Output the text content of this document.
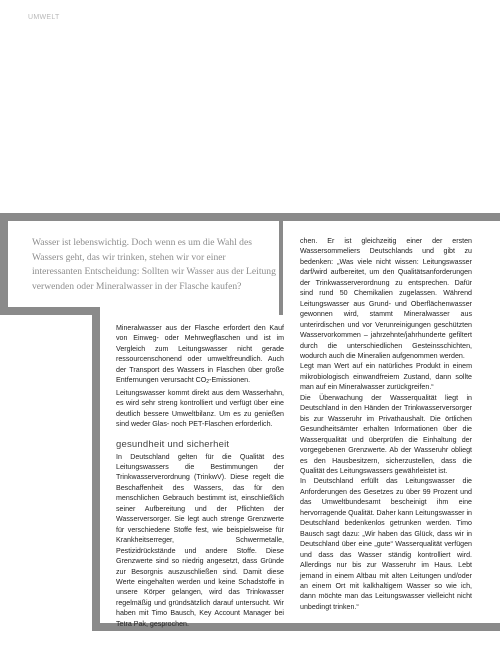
UMWELT

Wasser ist lebenswichtig. Doch wenn es um die Wahl des Wassers geht, das wir trinken, stehen wir vor einer interessanten Entscheidung: Sollten wir Wasser aus der Leitung verwenden oder Mineralwasser in der Flasche kaufen?

Mineralwasser aus der Flasche erfordert den Kauf von Einweg- oder Mehrwegflaschen und ist im Vergleich zum Leitungswasser nicht gerade ressourcenschonend oder umweltfreundlich. Auch der Transport des Wassers in Flaschen über große Entfernungen verursacht $CO_2$-Emissionen.

Leitungswasser kommt direkt aus dem Wasserhahn, es wird sehr streng kontrolliert und verfügt über eine deutlich bessere Umweltbilanz. Um es zu genießen sind weder Glas- noch PET-Flaschen erforderlich.

gesundheit und sicherheit

In Deutschland gelten für die Qualität des Leitungswassers die Bestimmungen der Trinkwasserverordnung (TrinkwV). Diese regelt die Beschaffenheit des Wassers, das für den menschlichen Gebrauch bestimmt ist, einschließlich seiner Aufbereitung und der Pflichten der Wasserversorger. Sie legt auch strenge Grenzwerte für verschiedene Stoffe fest, wie beispielsweise für Krankheitserreger, Schwermetalle, Pestizidrückstände und andere Stoffe. Diese Grenzwerte sind so niedrig angesetzt, dass Gründe zur Besorgnis auszuschließen sind. Damit diese Werte eingehalten werden und keine Schadstoffe in unsere Körper gelangen, wird das Trinkwasser regelmäßig und gründsätzlich darauf untersucht. Wir haben mit Timo Bausch, Key Account Manager bei Tetra Pak, gesprochen.

chen. Er ist gleichzeitig einer der ersten Wassersommeliers Deutschlands und gibt zu bedenken: „Was viele nicht wissen: Leitungswasser darf/wird aufbereitet, um den Qualitätsanforderungen der Trinkwasserverordnung zu entsprechen. Dafür sind rund 50 Chemikalien zugelassen. Während Leitungswasser aus Grund- und Oberflächenwasser gewonnen wird, stammt Mineralwasser aus unterirdischen und vor Verunreinigungen geschützten Wasservorkommen – jahrzehnte/jahrhunderte gefiltert durch die unterschiedlichen Gesteinsschichten, wodurch auch die Mineralien aufgenommen werden.

Legt man Wert auf ein natürliches Produkt in einem mikrobiologisch einwandfreiem Zustand, dann sollte man auf ein Mineralwasser zurückgreifen.“

Die Überwachung der Wasserqualität liegt in Deutschland in den Händen der Trinkwasserversorger bis zur Wasseruhr im Privathaushalt. Die örtlichen Gesundheitsämter erhalten Informationen über die Wasserqualität und überprüfen die Einhaltung der vorgegebenen Grenzwerte. Ab der Wasseruhr obliegt es den Hausbesitzern, sicherzustellen, dass die Qualität des Leitungswassers gewährleistet ist.

In Deutschland erfüllt das Leitungswasser die Anforderungen des Gesetzes zu über 99 Prozent und das Umweltbundesamt bescheinigt ihm eine hervorragende Qualität. Daher kann Leitungswasser in Deutschland bedenkenlos getrunken werden. Timo Bausch sagt dazu: „Wir haben das Glück, dass wir in Deutschland über eine „gute“ Wasserqualität verfügen und dass das Wasser ständig kontrolliert wird. Allerdings nur bis zur Wasseruhr im Haus. Lebt jemand in einem Altbau mit alten Leitungen und/oder an einem Ort mit kalkhaltigem Wasser so wie ich, dann möchte man das Leitungswasser vielleicht nicht unbedingt trinken.“
